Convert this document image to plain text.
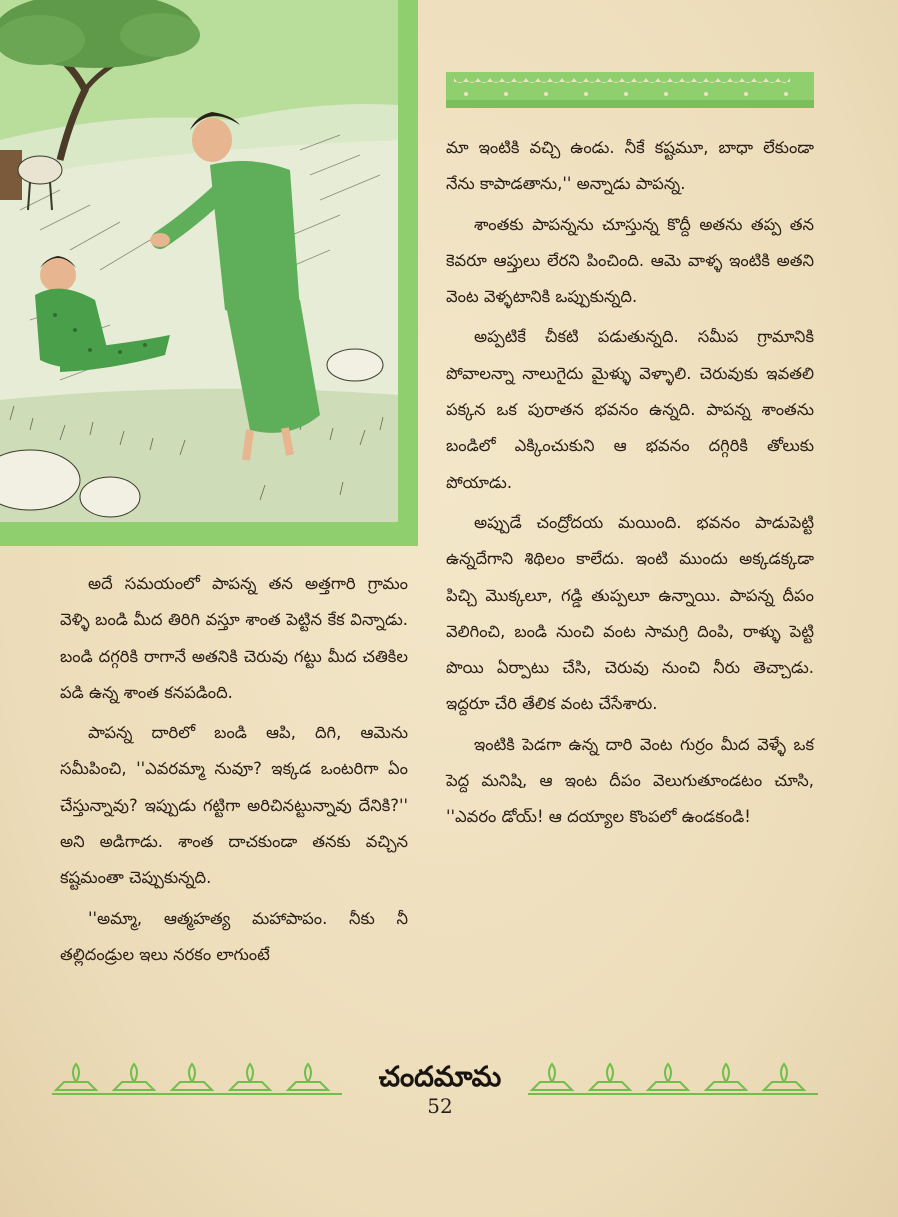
మా ఇంటికి వచ్చి ఉండు. నీకే కష్టమూ, బాధా లేకుండా నేను కాపాడతాను,'' అన్నాడు పాపన్న.

శాంతకు పాపన్నను చూస్తున్న కొద్దీ అతను తప్ప తన కెవరూ ఆప్తులు లేరని పించింది. ఆమె వాళ్ళ ఇంటికి అతని వెంట వెళ్ళటానికి ఒప్పుకున్నది.

అప్పటికే చీకటి పడుతున్నది. సమీప గ్రామానికి పోవాలన్నా నాలుగైదు మైళ్ళు వెళ్ళాలి. చెరువుకు ఇవతలి పక్కన ఒక పురాతన భవనం ఉన్నది. పాపన్న శాంతను బండిలో ఎక్కించుకుని ఆ భవనం దగ్గిరికి తోలుకు పోయాడు.

అప్పుడే చంద్రోదయ మయింది. భవనం పాడుపెట్టి ఉన్నదేగాని శిథిలం కాలేదు. ఇంటి ముందు అక్కడక్కడా పిచ్చి మొక్కలూ, గడ్డి తుప్పలూ ఉన్నాయి. పాపన్న దీపం వెలిగించి, బండి నుంచి వంట సామగ్రి దింపి, రాళ్ళు పెట్టి పొయి ఏర్పాటు చేసి, చెరువు నుంచి నీరు తెచ్చాడు. ఇద్దరూ చేరి తేలిక వంట చేసేశారు.

ఇంటికి పెడగా ఉన్న దారి వెంట గుర్రం మీద వెళ్ళే ఒక పెద్ద మనిషి, ఆ ఇంట దీపం వెలుగుతూండటం చూసి, ''ఎవరం డోయ్! ఆ దయ్యాల కొంపలో ఉండకండి!

అదే సమయంలో పాపన్న తన అత్తగారి గ్రామం వెళ్ళి బండి మీద తిరిగి వస్తూ శాంత పెట్టిన కేక విన్నాడు. బండి దగ్గరికి రాగానే అతనికి చెరువు గట్టు మీద చతికిల పడి ఉన్న శాంత కనపడింది.

పాపన్న దారిలో బండి ఆపి, దిగి, ఆమెను సమీపించి, ''ఎవరమ్మా నువూ? ఇక్కడ ఒంటరిగా ఏం చేస్తున్నావు? ఇప్పుడు గట్టిగా అరిచినట్టున్నావు దేనికి?'' అని అడిగాడు. శాంత దాచకుండా తనకు వచ్చిన కష్టమంతా చెప్పుకున్నది.

''అమ్మా, ఆత్మహత్య మహాపాపం. నీకు నీ తల్లిదండ్రుల ఇలు నరకం లాగుంటే

చందమామ
52
